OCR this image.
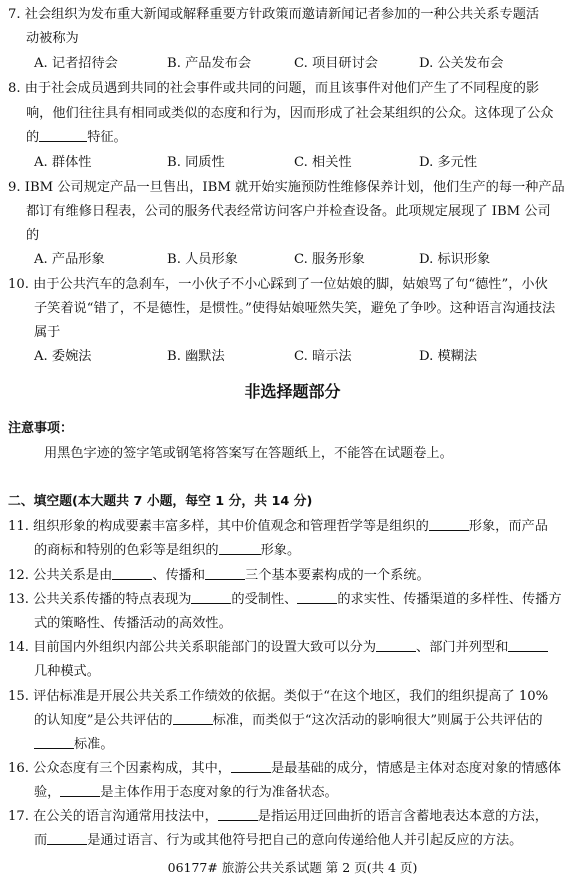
7. 社会组织为发布重大新闻或解释重要方针政策而邀请新闻记者参加的一种公共关系专题活
动被称为
A. 记者招待会	B. 产品发布会	C. 项目研讨会	D. 公关发布会
8. 由于社会成员遇到共同的社会事件或共同的问题，而且该事件对他们产生了不同程度的影
响，他们往往具有相同或类似的态度和行为，因而形成了社会某组织的公众。这体现了公众
的	特征。
A. 群体性	B. 同质性	C. 相关性	D. 多元性
9. IBM 公司规定产品一旦售出，IBM 就开始实施预防性维修保养计划，他们生产的每一种产品
都订有维修日程表，公司的服务代表经常访问客户并检查设备。此项规定展现了 IBM 公司
的
A. 产品形象	B. 人员形象	C. 服务形象	D. 标识形象
10. 由于公共汽车的急刹车，一小伙子不小心踩到了一位姑娘的脚，姑娘骂了句“德性”，小伙
子笑着说“错了，不是德性，是惯性。”使得姑娘哑然失笑，避免了争吵。这种语言沟通技法
属于
A. 委婉法	B. 幽默法	C. 暗示法	D. 模糊法
非选择题部分
注意事项：
用黑色字迹的签字笔或钢笔将答案写在答题纸上，不能答在试题卷上。
二、填空题(本大题共 7 小题，每空 1 分，共 14 分)
11. 组织形象的构成要素丰富多样，其中价值观念和管理哲学等是组织的	形象，而产品
的商标和特别的色彩等是组织的	形象。
12. 公共关系是由	、传播和	三个基本要素构成的一个系统。
13. 公共关系传播的特点表现为	的受制性、	的求实性、传播渠道的多样性、传播方
式的策略性、传播活动的高效性。
14. 目前国内外组织内部公共关系职能部门的设置大致可以分为	、部门并列型和
几种模式。
15. 评估标准是开展公共关系工作绩效的依据。类似于“在这个地区，我们的组织提高了 10%
的认知度”是公共评估的	标准，而类似于“这次活动的影响很大”则属于公共评估的
标准。
16. 公众态度有三个因素构成，其中，	是最基础的成分，情感是主体对态度对象的情感体
验，	是主体作用于态度对象的行为准备状态。
17. 在公关的语言沟通常用技法中，	是指运用迂回曲折的语言含蓄地表达本意的方法，
而	是通过语言、行为或其他符号把自己的意向传递给他人并引起反应的方法。
06177# 旅游公共关系试题 第 2 页(共 4 页)
